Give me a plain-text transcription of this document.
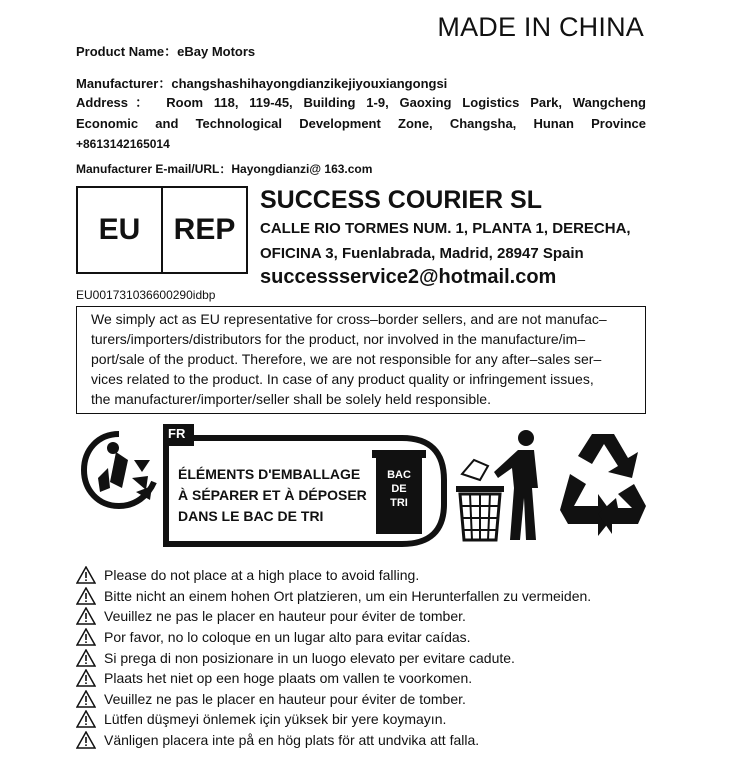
MADE IN CHINA
Product Name：eBay Motors
Manufacturer：changshashihayongdianzikejiyouxiangongsi
Address： Room 118, 119-45, Building 1-9, Gaoxing Logistics Park, Wangcheng
Economic and Technological Development Zone, Changsha, Hunan Province
+8613142165014
Manufacturer E-mail/URL：Hayongdianzi@ 163.com
EU	REP
EU001731036600290idbp
SUCCESS COURIER SL
CALLE RIO TORMES NUM. 1, PLANTA 1, DERECHA,
OFICINA 3, Fuenlabrada, Madrid, 28947 Spain
successservice2@hotmail.com
We simply act as EU representative for cross–border sellers, and are not manufac–
turers/importers/distributors for the product, nor involved in the manufacture/im–
port/sale of the product. Therefore, we are not responsible for any after–sales ser–
vices related to the product. In case of any product quality or infringement issues,
the manufacturer/importer/seller shall be solely held responsible.
FR
ÉLÉMENTS D'EMBALLAGE
À SÉPARER ET À DÉPOSER
DANS LE BAC DE TRI
BAC
DE
TRI
Please do not place at a high place to avoid falling.
Bitte nicht an einem hohen Ort platzieren, um ein Herunterfallen zu vermeiden.
Veuillez ne pas le placer en hauteur pour éviter de tomber.
Por favor, no lo coloque en un lugar alto para evitar caídas.
Si prega di non posizionare in un luogo elevato per evitare cadute.
Plaats het niet op een hoge plaats om vallen te voorkomen.
Veuillez ne pas le placer en hauteur pour éviter de tomber.
Lütfen düşmeyi önlemek için yüksek bir yere koymayın.
Vänligen placera inte på en hög plats för att undvika att falla.
